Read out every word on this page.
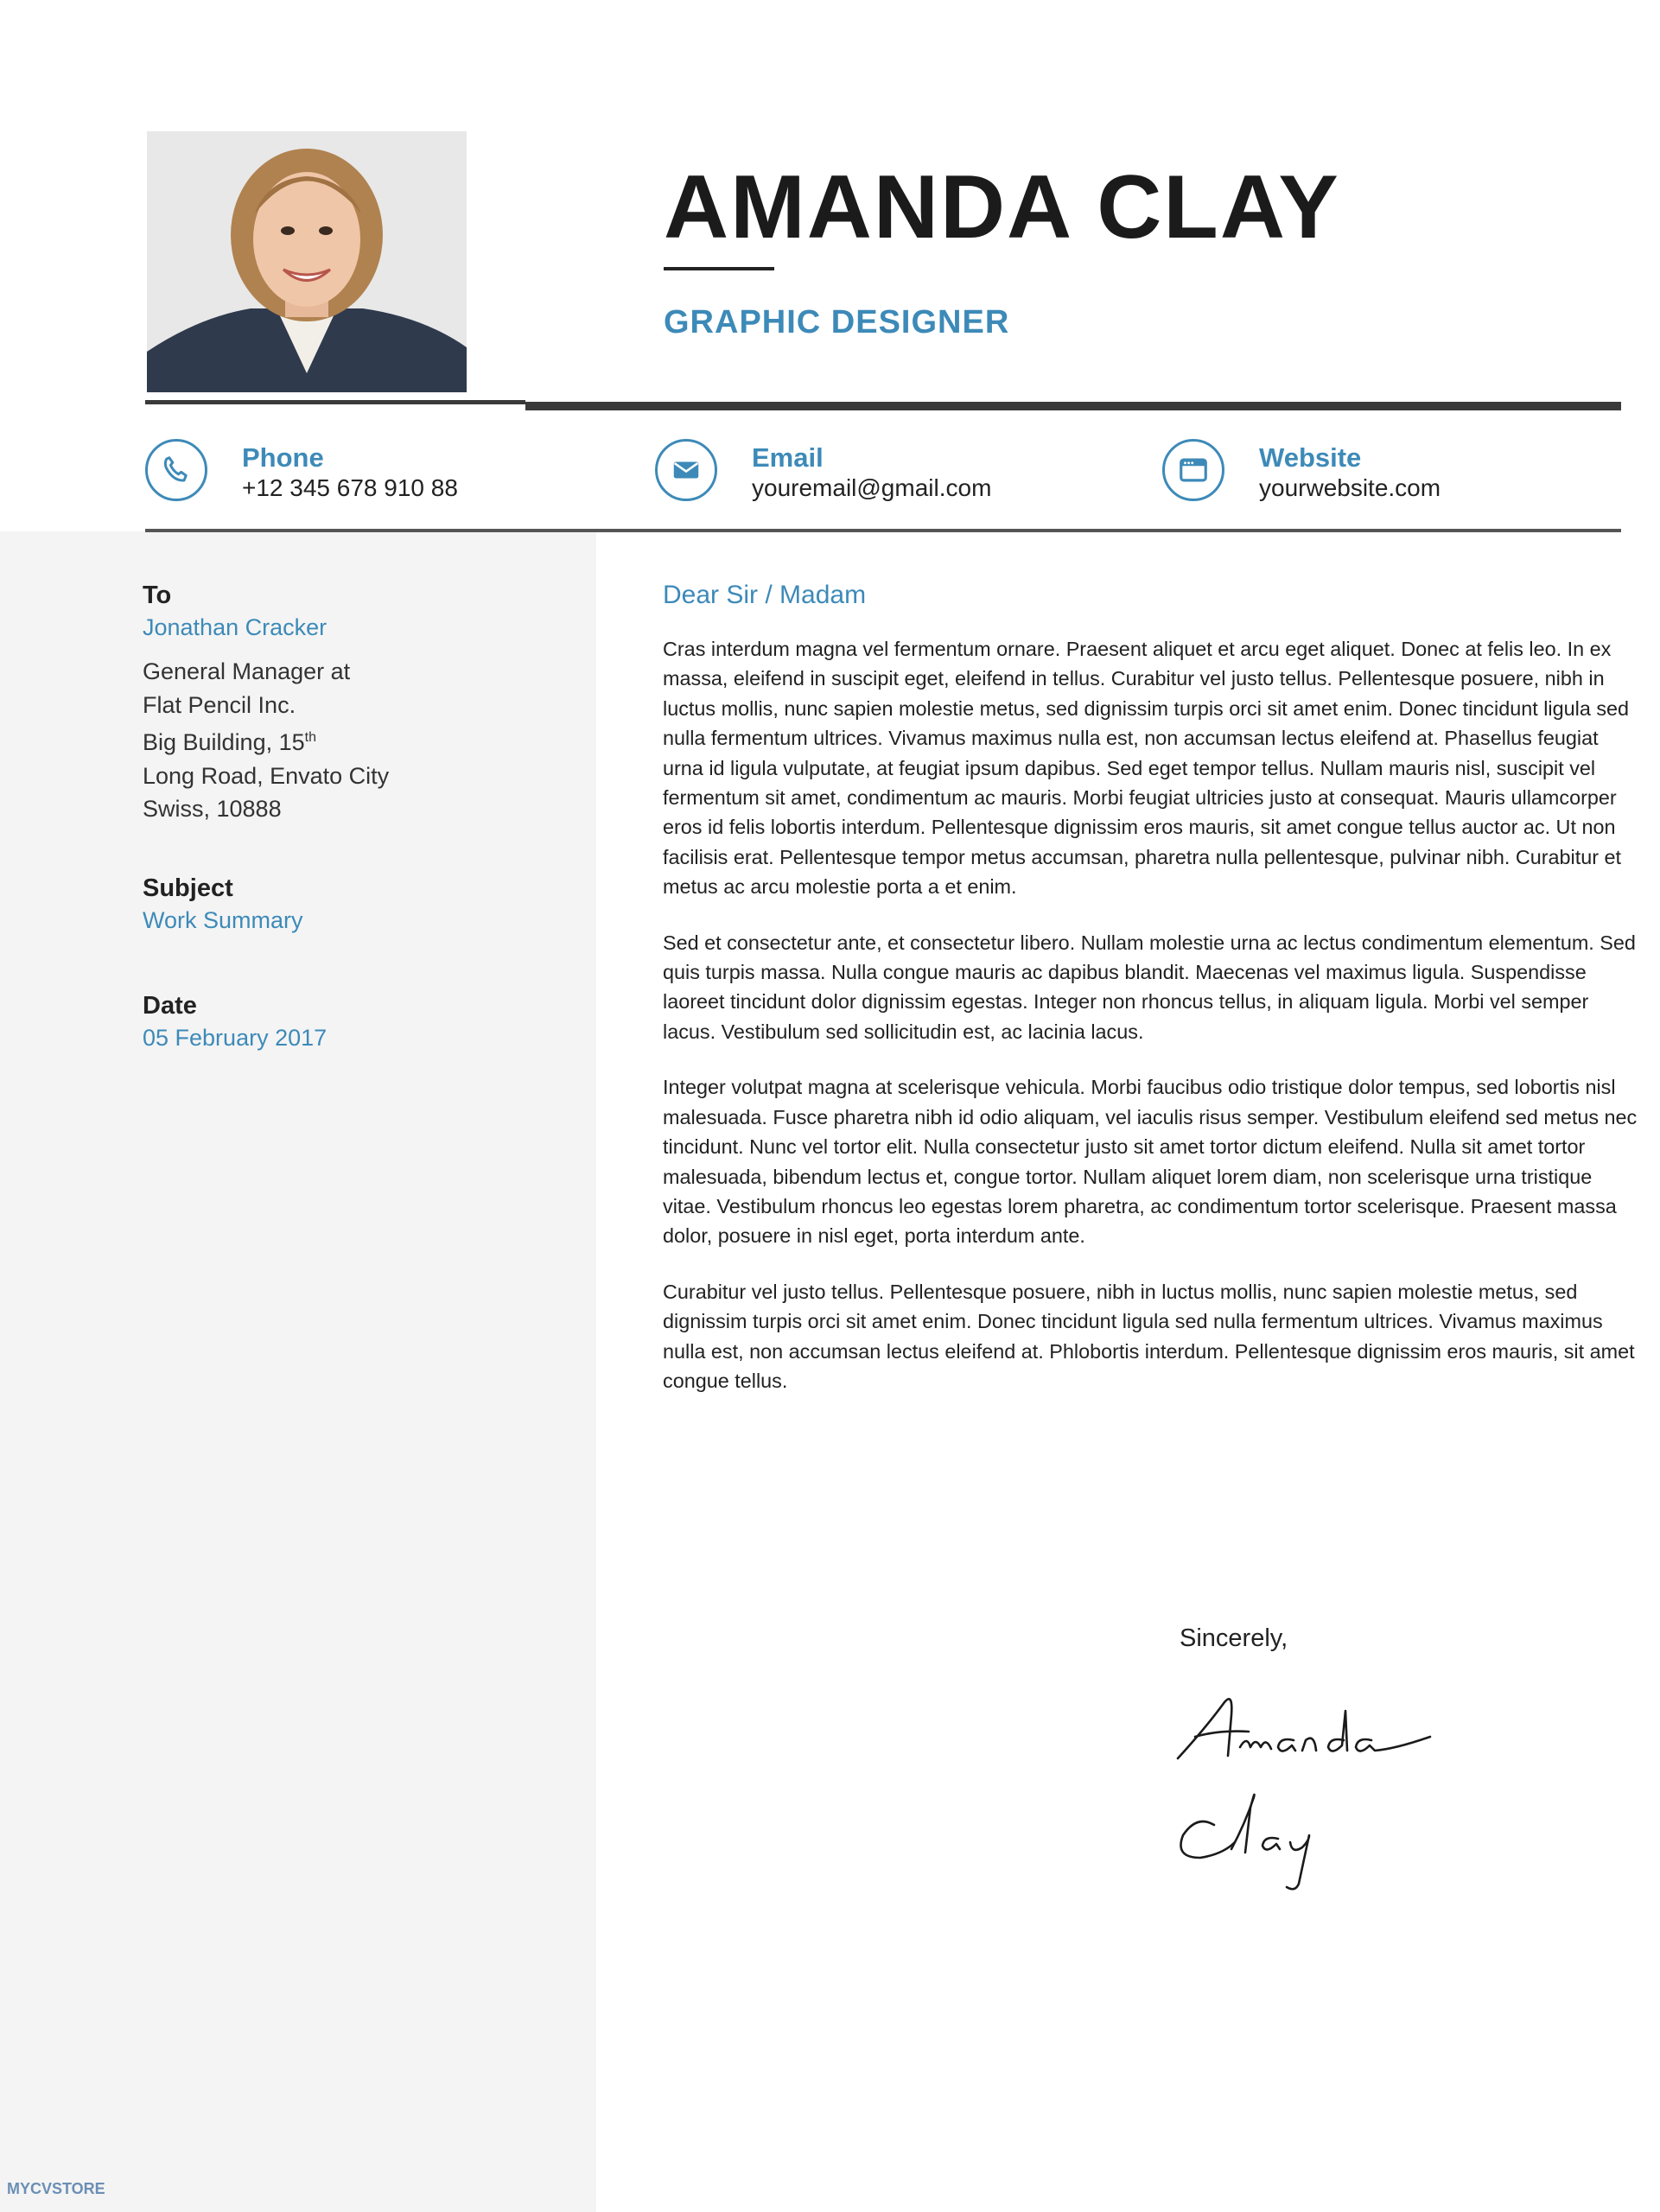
AMANDA CLAY
GRAPHIC DESIGNER
Phone
+12 345 678 910 88
Email
youremail@gmail.com
Website
yourwebsite.com
To
Jonathan Cracker
General Manager at
Flat Pencil Inc.
Big Building, 15th
Long Road, Envato City
Swiss, 10888
Subject
Work Summary
Date
05 February 2017
Dear Sir / Madam

Cras interdum magna vel fermentum ornare. Praesent aliquet et arcu eget aliquet. Donec at felis leo. In ex massa, eleifend in suscipit eget, eleifend in tellus. Curabitur vel justo tellus. Pellentesque posuere, nibh in luctus mollis, nunc sapien molestie metus, sed dignissim turpis orci sit amet enim. Donec tincidunt ligula sed nulla fermentum ultrices. Vivamus maximus nulla est, non accumsan lectus eleifend at. Phasellus feugiat urna id ligula vulputate, at feugiat ipsum dapibus. Sed eget tempor tellus. Nullam mauris nisl, suscipit vel fermentum sit amet, condimentum ac mauris. Morbi feugiat ultricies justo at consequat. Mauris ullamcorper eros id felis lobortis interdum. Pellentesque dignissim eros mauris, sit amet congue tellus auctor ac. Ut non facilisis erat. Pellentesque tempor metus accumsan, pharetra nulla pellentesque, pulvinar nibh. Curabitur et metus ac arcu molestie porta a et enim.

Sed et consectetur ante, et consectetur libero. Nullam molestie urna ac lectus condimentum elementum. Sed quis turpis massa. Nulla congue mauris ac dapibus blandit. Maecenas vel maximus ligula. Suspendisse laoreet tincidunt dolor dignissim egestas. Integer non rhoncus tellus, in aliquam ligula. Morbi vel semper lacus. Vestibulum sed sollicitudin est, ac lacinia lacus.

Integer volutpat magna at scelerisque vehicula. Morbi faucibus odio tristique dolor tempus, sed lobortis nisl malesuada. Fusce pharetra nibh id odio aliquam, vel iaculis risus semper. Vestibulum eleifend sed metus nec tincidunt. Nunc vel tortor elit. Nulla consectetur justo sit amet tortor dictum eleifend. Nulla sit amet tortor malesuada, bibendum lectus et, congue tortor. Nullam aliquet lorem diam, non scelerisque urna tristique vitae. Vestibulum rhoncus leo egestas lorem pharetra, ac condimentum tortor scelerisque. Praesent massa dolor, posuere in nisl eget, porta interdum ante.

Curabitur vel justo tellus. Pellentesque posuere, nibh in luctus mollis, nunc sapien molestie metus, sed dignissim turpis orci sit amet enim. Donec tincidunt ligula sed nulla fermentum ultrices. Vivamus maximus nulla est, non accumsan lectus eleifend at. Phlobortis interdum. Pellentesque dignissim eros mauris, sit amet congue tellus.

Sincerely,
MYCVSTORE
